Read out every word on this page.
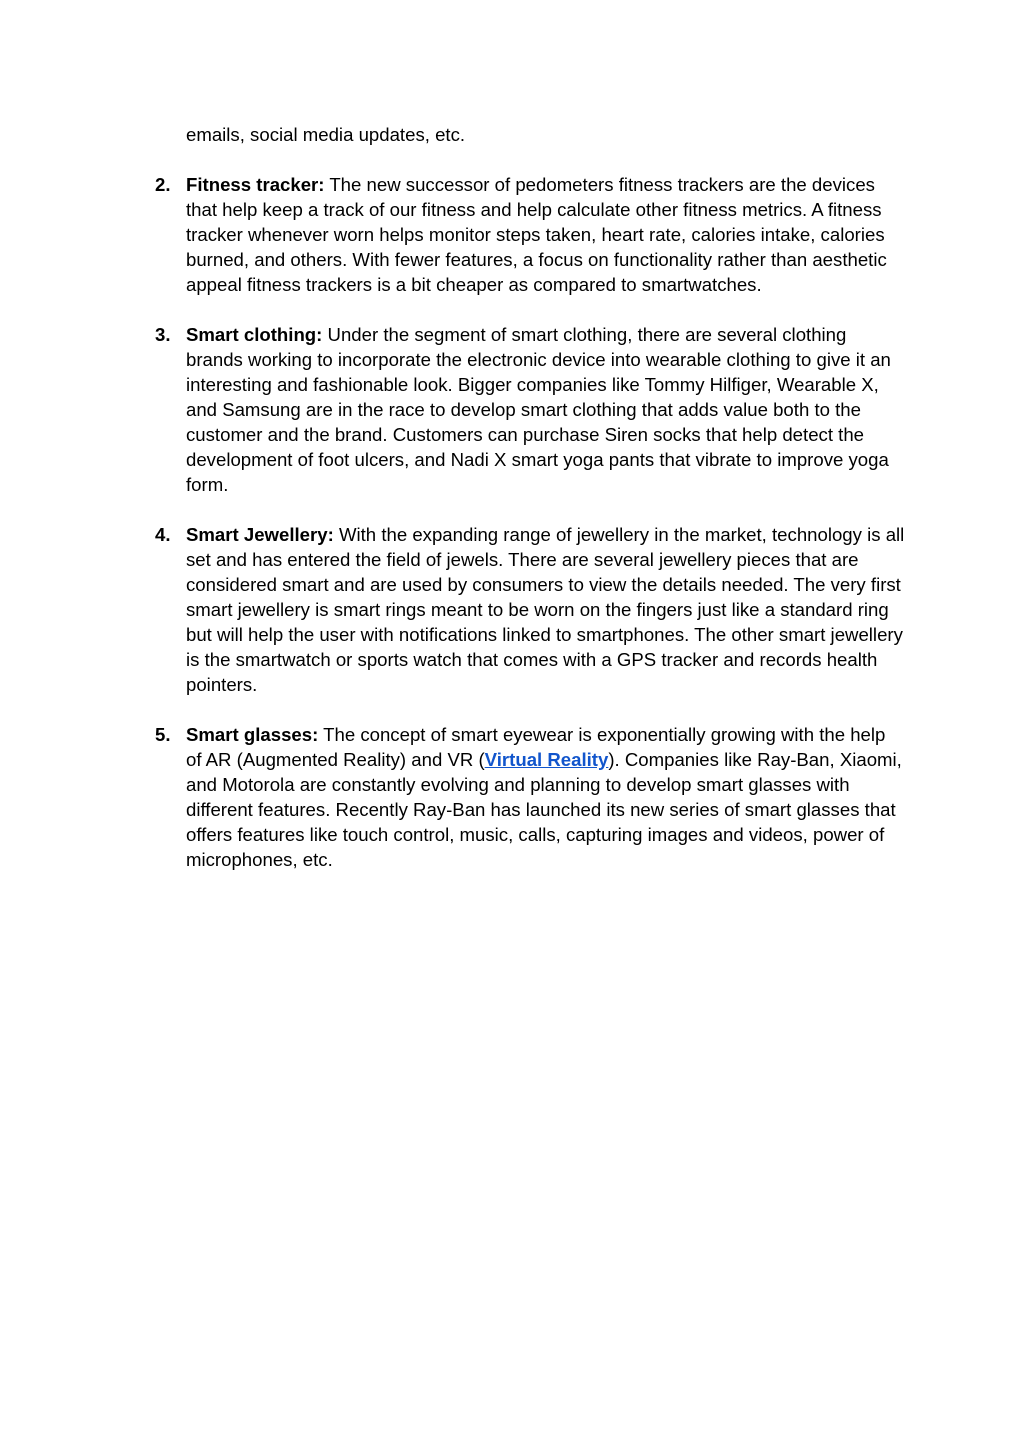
emails, social media updates, etc.
2. Fitness tracker: The new successor of pedometers fitness trackers are the devices that help keep a track of our fitness and help calculate other fitness metrics. A fitness tracker whenever worn helps monitor steps taken, heart rate, calories intake, calories burned, and others. With fewer features, a focus on functionality rather than aesthetic appeal fitness trackers is a bit cheaper as compared to smartwatches.
3. Smart clothing: Under the segment of smart clothing, there are several clothing brands working to incorporate the electronic device into wearable clothing to give it an interesting and fashionable look. Bigger companies like Tommy Hilfiger, Wearable X, and Samsung are in the race to develop smart clothing that adds value both to the customer and the brand. Customers can purchase Siren socks that help detect the development of foot ulcers, and Nadi X smart yoga pants that vibrate to improve yoga form.
4. Smart Jewellery: With the expanding range of jewellery in the market, technology is all set and has entered the field of jewels. There are several jewellery pieces that are considered smart and are used by consumers to view the details needed. The very first smart jewellery is smart rings meant to be worn on the fingers just like a standard ring but will help the user with notifications linked to smartphones. The other smart jewellery is the smartwatch or sports watch that comes with a GPS tracker and records health pointers.
5. Smart glasses: The concept of smart eyewear is exponentially growing with the help of AR (Augmented Reality) and VR (Virtual Reality). Companies like Ray-Ban, Xiaomi, and Motorola are constantly evolving and planning to develop smart glasses with different features. Recently Ray-Ban has launched its new series of smart glasses that offers features like touch control, music, calls, capturing images and videos, power of microphones, etc.
